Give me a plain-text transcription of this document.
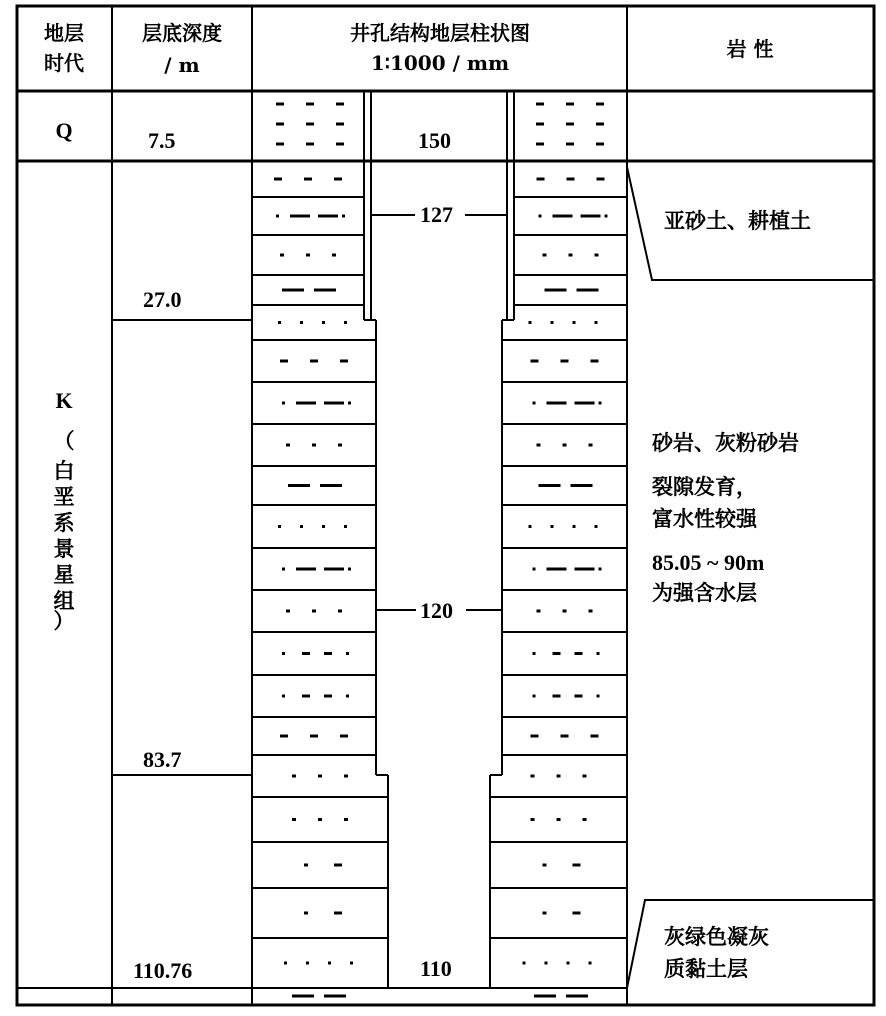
地层
时代
层底深度
/ m
井孔结构地层柱状图
1∶1000 / mm
岩 性
Q
K
（
白
垩
系
景
星
组
）
7.5
27.0
83.7
110.76
150
127
120
110
亚砂土、耕植土
砂岩、灰粉砂岩
裂隙发育，
富水性较强
85.05 ~ 90m
为强含水层
灰绿色凝灰
质黏土层
